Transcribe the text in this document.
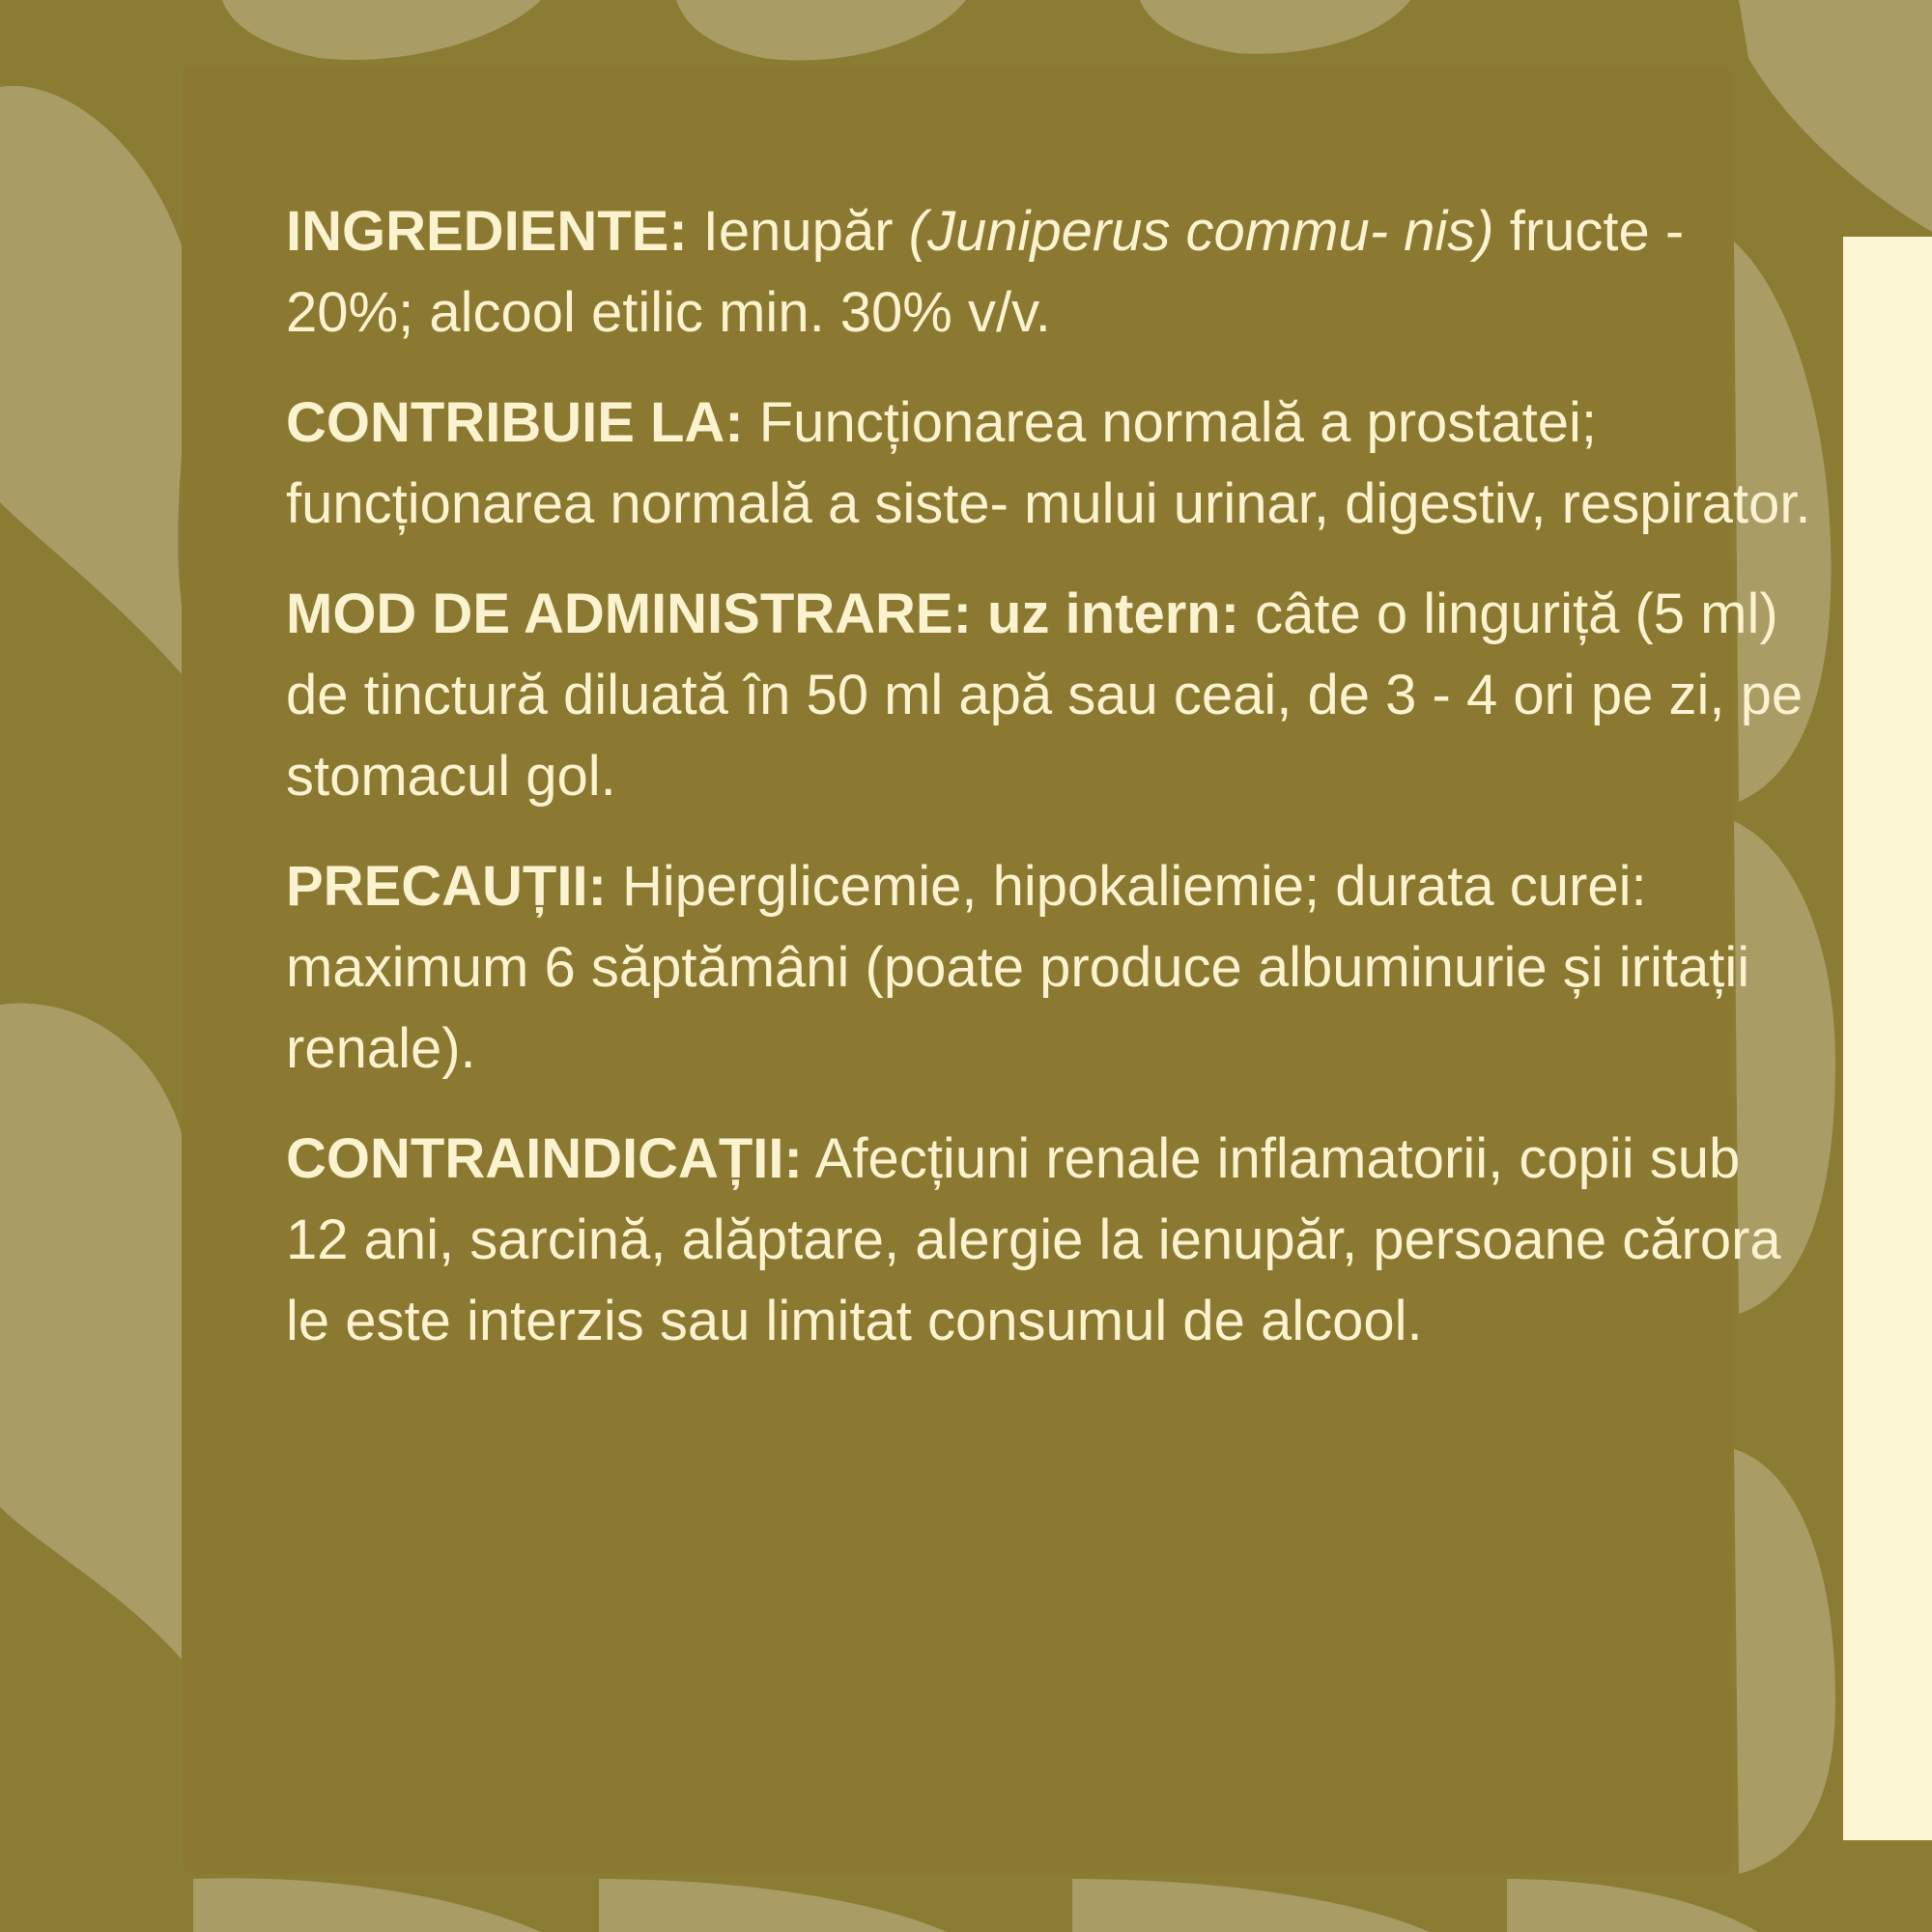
INGREDIENTE: Ienupăr (Juniperus commu- nis) fructe - 20%; alcool etilic min. 30% v/v.

CONTRIBUIE LA: Funcționarea normală a prostatei; funcționarea normală a siste- mului urinar, digestiv, respirator.

MOD DE ADMINISTRARE: uz intern: câte o linguriță (5 ml) de tinctură diluată în 50 ml apă sau ceai, de 3 - 4 ori pe zi, pe stomacul gol.

PRECAUȚII: Hiperglicemie, hipokaliemie; durata curei: maximum 6 săptămâni (poate produce albuminurie și iritații renale).

CONTRAINDICAȚII: Afecțiuni renale inflamatorii, copii sub 12 ani, sarcină, alăptare, alergie la ienupăr, persoane cărora le este interzis sau limitat consumul de alcool.
